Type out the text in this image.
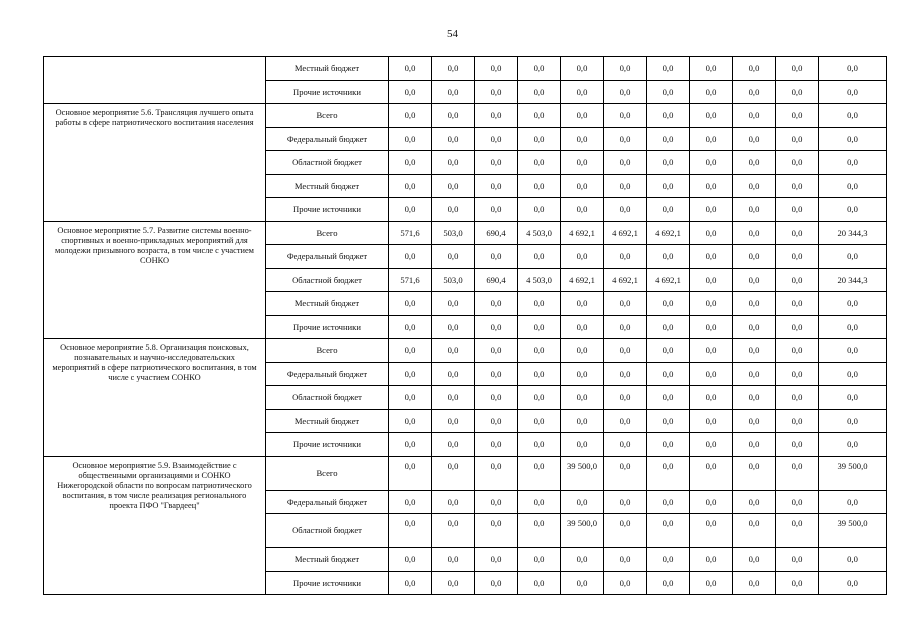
54
	Местный бюджет	0,0	0,0	0,0	0,0	0,0	0,0	0,0	0,0	0,0	0,0	0,0
	Прочие источники	0,0	0,0	0,0	0,0	0,0	0,0	0,0	0,0	0,0	0,0	0,0
Основное мероприятие 5.6. Трансляция лучшего опыта работы в сфере патриотического воспитания населения	Всего	0,0	0,0	0,0	0,0	0,0	0,0	0,0	0,0	0,0	0,0	0,0
	Федеральный бюджет	0,0	0,0	0,0	0,0	0,0	0,0	0,0	0,0	0,0	0,0	0,0
	Областной бюджет	0,0	0,0	0,0	0,0	0,0	0,0	0,0	0,0	0,0	0,0	0,0
	Местный бюджет	0,0	0,0	0,0	0,0	0,0	0,0	0,0	0,0	0,0	0,0	0,0
	Прочие источники	0,0	0,0	0,0	0,0	0,0	0,0	0,0	0,0	0,0	0,0	0,0
Основное мероприятие 5.7. Развитие системы военно-спортивных и военно-прикладных мероприятий для молодежи призывного возраста, в том числе с участием СОНКО	Всего	571,6	503,0	690,4	4 503,0	4 692,1	4 692,1	4 692,1	0,0	0,0	0,0	20 344,3
	Федеральный бюджет	0,0	0,0	0,0	0,0	0,0	0,0	0,0	0,0	0,0	0,0	0,0
	Областной бюджет	571,6	503,0	690,4	4 503,0	4 692,1	4 692,1	4 692,1	0,0	0,0	0,0	20 344,3
	Местный бюджет	0,0	0,0	0,0	0,0	0,0	0,0	0,0	0,0	0,0	0,0	0,0
	Прочие источники	0,0	0,0	0,0	0,0	0,0	0,0	0,0	0,0	0,0	0,0	0,0
Основное мероприятие 5.8. Организация поисковых, познавательных и научно-исследовательских мероприятий в сфере патриотического воспитания, в том числе с участием СОНКО	Всего	0,0	0,0	0,0	0,0	0,0	0,0	0,0	0,0	0,0	0,0	0,0
	Федеральный бюджет	0,0	0,0	0,0	0,0	0,0	0,0	0,0	0,0	0,0	0,0	0,0
	Областной бюджет	0,0	0,0	0,0	0,0	0,0	0,0	0,0	0,0	0,0	0,0	0,0
	Местный бюджет	0,0	0,0	0,0	0,0	0,0	0,0	0,0	0,0	0,0	0,0	0,0
	Прочие источники	0,0	0,0	0,0	0,0	0,0	0,0	0,0	0,0	0,0	0,0	0,0
Основное мероприятие 5.9. Взаимодействие с общественными организациями и СОНКО Нижегородской области по вопросам патриотического воспитания, в том числе реализация регионального проекта ПФО "Гвардеец"	Всего	0,0	0,0	0,0	0,0	39 500,0	0,0	0,0	0,0	0,0	0,0	39 500,0
	Федеральный бюджет	0,0	0,0	0,0	0,0	0,0	0,0	0,0	0,0	0,0	0,0	0,0
	Областной бюджет	0,0	0,0	0,0	0,0	39 500,0	0,0	0,0	0,0	0,0	0,0	39 500,0
	Местный бюджет	0,0	0,0	0,0	0,0	0,0	0,0	0,0	0,0	0,0	0,0	0,0
	Прочие источники	0,0	0,0	0,0	0,0	0,0	0,0	0,0	0,0	0,0	0,0	0,0
